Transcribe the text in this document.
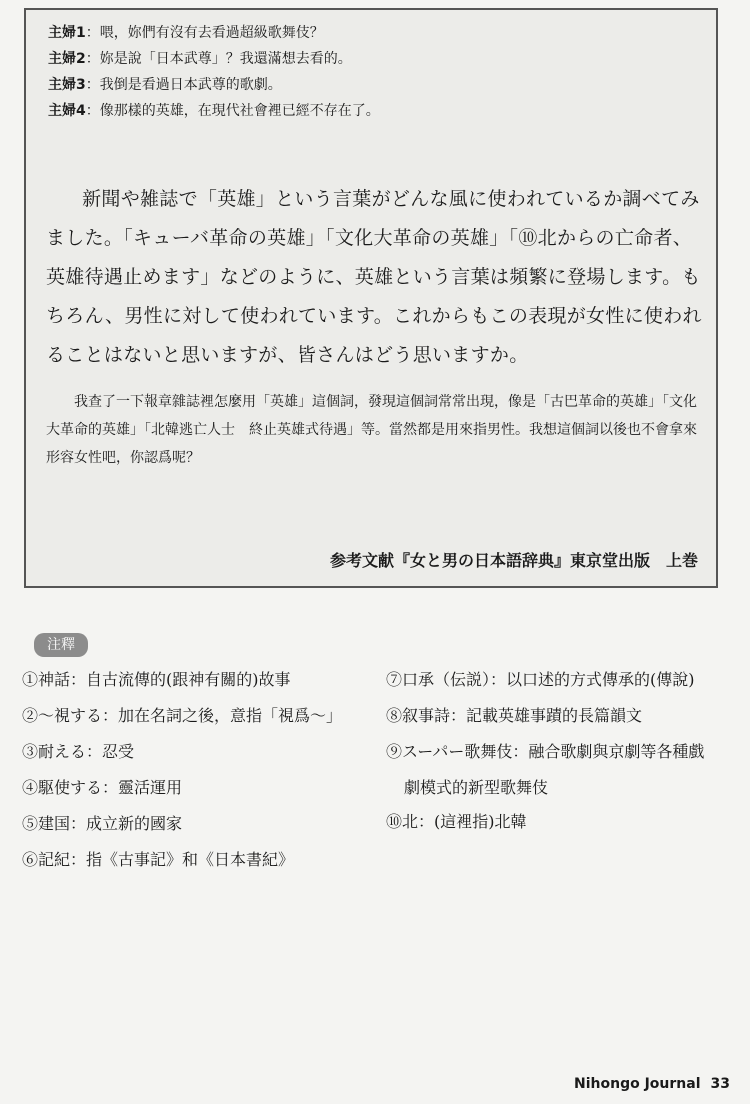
主婦1：喂，妳們有沒有去看過超級歌舞伎？
主婦2：妳是說「日本武尊」？我還滿想去看的。
主婦3：我倒是看過日本武尊的歌劇。
主婦4：像那樣的英雄，在現代社會裡已經不存在了。

新聞や雑誌で「英雄」という言葉がどんな風に使われているか調べてみました。「キューバ革命の英雄」「文化大革命の英雄」「⑩北からの亡命者、英雄待遇止めます」などのように、英雄という言葉は頻繁に登場します。もちろん、男性に対して使われています。これからもこの表現が女性に使われることはないと思いますが、皆さんはどう思いますか。

我查了一下報章雜誌裡怎麼用「英雄」這個詞，發現這個詞常常出現，像是「古巴革命的英雄」「文化大革命的英雄」「北韓逃亡人士　終止英雄式待遇」等。當然都是用來指男性。我想這個詞以後也不會拿來形容女性吧，你認爲呢？

参考文献『女と男の日本語辞典』東京堂出版　上巻
注釋
①神話：自古流傳的(跟神有關的)故事
②～視する：加在名詞之後，意指「視爲～」
③耐える：忍受
④駆使する：靈活運用
⑤建国：成立新的國家
⑥記紀：指《古事記》和《日本書紀》
⑦口承（伝説）：以口述的方式傳承的(傳說)
⑧叙事詩：記載英雄事蹟的長篇韻文
⑨スーパー歌舞伎：融合歌劇與京劇等各種戲
劇模式的新型歌舞伎
⑩北：(這裡指)北韓
Nihongo Journal 33
